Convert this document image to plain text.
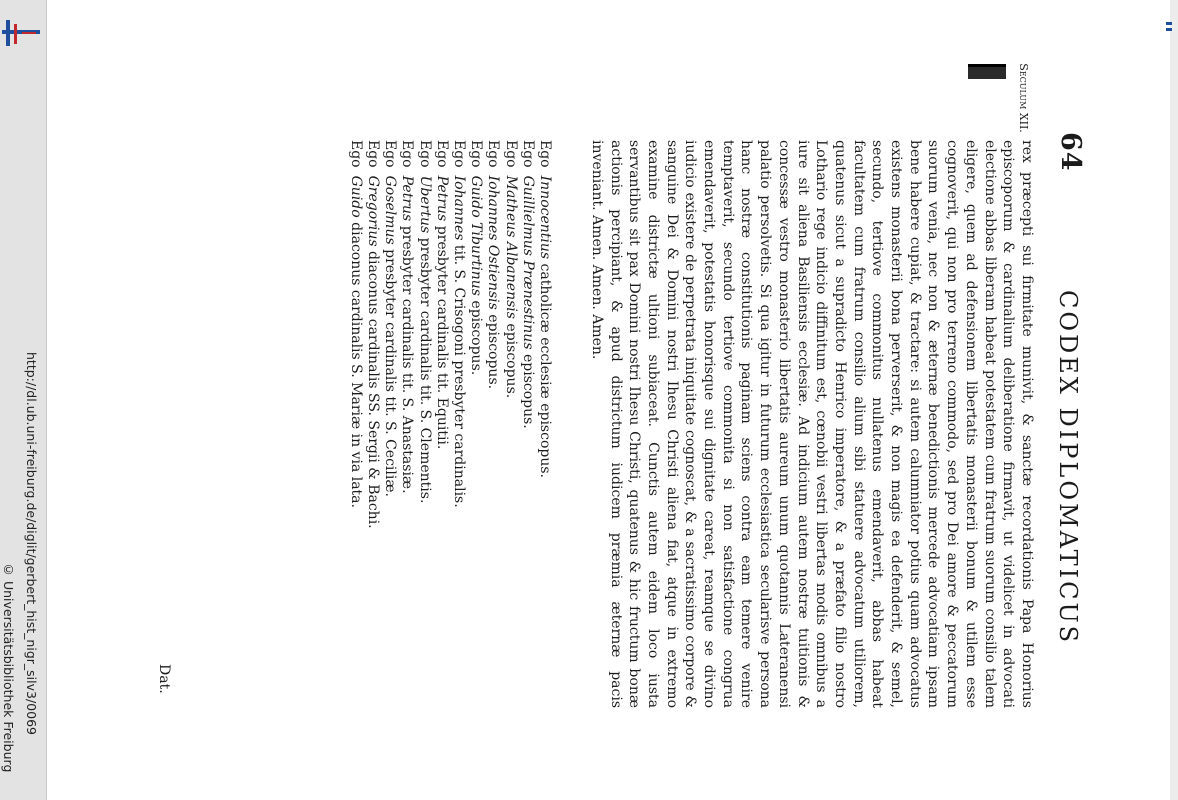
http://dl.ub.uni-freiburg.de/diglit/gerbert_hist_nigr_silv3/0069
© Universitätsbibliothek Freiburg
64
CODEX DIPLOMATICUS
Seculum XII.

rex præcepti sui firmitate munivit, & sanctæ recordationis Papa Honorius episcoporum & cardinalium deliberatione firmavit, ut videlicet in advocati electione abbas liberam habeat potestatem cum fratrum suorum consilio talem eligere, quem ad defensionem libertatis monasterii bonum & utilem esse cognoverit, qui non pro terreno commodo, sed pro Dei amore & peccatorum suorum venia, nec non & æternæ benedictionis mercede advocatiam ipsam bene habere cupiat, & tractare: si autem calumniator potius quam advocatus existens monasterii bona perverserit, & non magis ea defenderit, & semel, secundo, tertiove commonitus nullatenus emendaverit, abbas habeat facultatem cum fratrum consilio alium sibi statuere advocatum utiliorem, quatenus sicut a supradicto Henrico imperatore, & a præfato filio nostro Lothario rege indicio diffinitum est, cœnobii vestri libertas modis omnibus a iure sit aliena Basiliensis ecclesiæ. Ad indicium autem nostræ tuitionis & concessæ vestro monasterio libertatis aureum unum quotannis Lateranensi palatio persolvetis. Si qua igitur in futurum ecclesiastica secularisve persona hanc nostræ constitutionis paginam sciens contra eam temere venire temptaverit, secundo tertiove commonita si non satisfactione congrua emendaverit, potestatis honorisque sui dignitate careat, reamque se divino iudicio existere de perpetrata iniquitate cognoscat, & a sacratissimo corpore & sanguine Dei & Domini nostri Ihesu Christi aliena fiat, atque in extremo examine districtæ ultioni subiaceat. Cunctis autem eidem loco iusta servantibus sit pax Domini nostri Ihesu Christi, quatenus & hic fructum bonæ actionis percipiant, & apud districtum iudicem præmia æternæ pacis inveniant. Amen. Amen. Amen.

EgoInnocentius catholicæ ecclesiæ episcopus.
EgoGuillielmus Prænestinus episcopus.
EgoMatheus Albanensis episcopus.
EgoIohannes Ostiensis episcopus.
EgoGuido Tiburtinus episcopus.
EgoIohannes tit. S. Crisogoni presbyter cardinalis.
EgoPetrus presbyter cardinalis tit. Equitii.
EgoUbertus presbyter cardinalis tit. S. Clementis.
EgoPetrus presbyter cardinalis tit. S. Anastasiæ.
EgoGoselmus presbyter cardinalis tit. S. Ceciliæ.
EgoGregorius diaconus cardinalis SS. Sergii & Bachi.
EgoGuido diaconus cardinalis S. Mariæ in via lata.
Dat.
